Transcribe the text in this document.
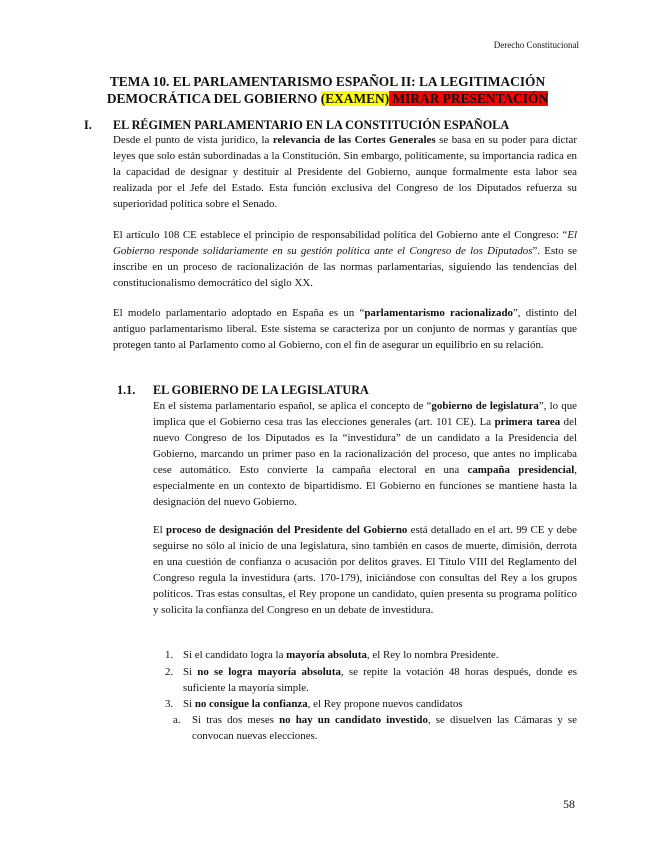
Derecho Constitucional
TEMA 10. EL PARLAMENTARISMO ESPAÑOL II: LA LEGITIMACIÓN
DEMOCRÁTICA DEL GOBIERNO (EXAMEN) MIRAR PRESENTACIÓN
I. EL RÉGIMEN PARLAMENTARIO EN LA CONSTITUCIÓN ESPAÑOLA
Desde el punto de vista jurídico, la relevancia de las Cortes Generales se basa en su poder para dictar leyes que solo están subordinadas a la Constitución. Sin embargo, políticamente, su importancia radica en la capacidad de designar y destituir al Presidente del Gobierno, aunque formalmente esta labor sea realizada por el Jefe del Estado. Esta función exclusiva del Congreso de los Diputados refuerza su superioridad política sobre el Senado.
El artículo 108 CE establece el principio de responsabilidad política del Gobierno ante el Congreso: “El Gobierno responde solidariamente en su gestión política ante el Congreso de los Diputados”. Esto se inscribe en un proceso de racionalización de las normas parlamentarias, siguiendo las tendencias del constitucionalismo democrático del siglo XX.
El modelo parlamentario adoptado en España es un “parlamentarismo racionalizado”, distinto del antiguo parlamentarismo liberal. Este sistema se caracteriza por un conjunto de normas y garantías que protegen tanto al Parlamento como al Gobierno, con el fin de asegurar un equilibrio en su relación.
1.1. EL GOBIERNO DE LA LEGISLATURA
En el sistema parlamentario español, se aplica el concepto de “gobierno de legislatura”, lo que implica que el Gobierno cesa tras las elecciones generales (art. 101 CE). La primera tarea del nuevo Congreso de los Diputados es la “investidura” de un candidato a la Presidencia del Gobierno, marcando un primer paso en la racionalización del proceso, que antes no implicaba cese automático. Esto convierte la campaña electoral en una campaña presidencial, especialmente en un contexto de bipartidismo. El Gobierno en funciones se mantiene hasta la designación del nuevo Gobierno.
El proceso de designación del Presidente del Gobierno está detallado en el art. 99 CE y debe seguirse no sólo al inicio de una legislatura, sino también en casos de muerte, dimisión, derrota en una cuestión de confianza o acusación por delitos graves. El Título VIII del Reglamento del Congreso regula la investidura (arts. 170-179), iniciándose con consultas del Rey a los grupos políticos. Tras estas consultas, el Rey propone un candidato, quien presenta su programa político y solicita la confianza del Congreso en un debate de investidura.
1. Si el candidato logra la mayoría absoluta, el Rey lo nombra Presidente.
2. Si no se logra mayoría absoluta, se repite la votación 48 horas después, donde es suficiente la mayoría simple.
3. Si no consigue la confianza, el Rey propone nuevos candidatos
a. Si tras dos meses no hay un candidato investido, se disuelven las Cámaras y se convocan nuevas elecciones.
58
